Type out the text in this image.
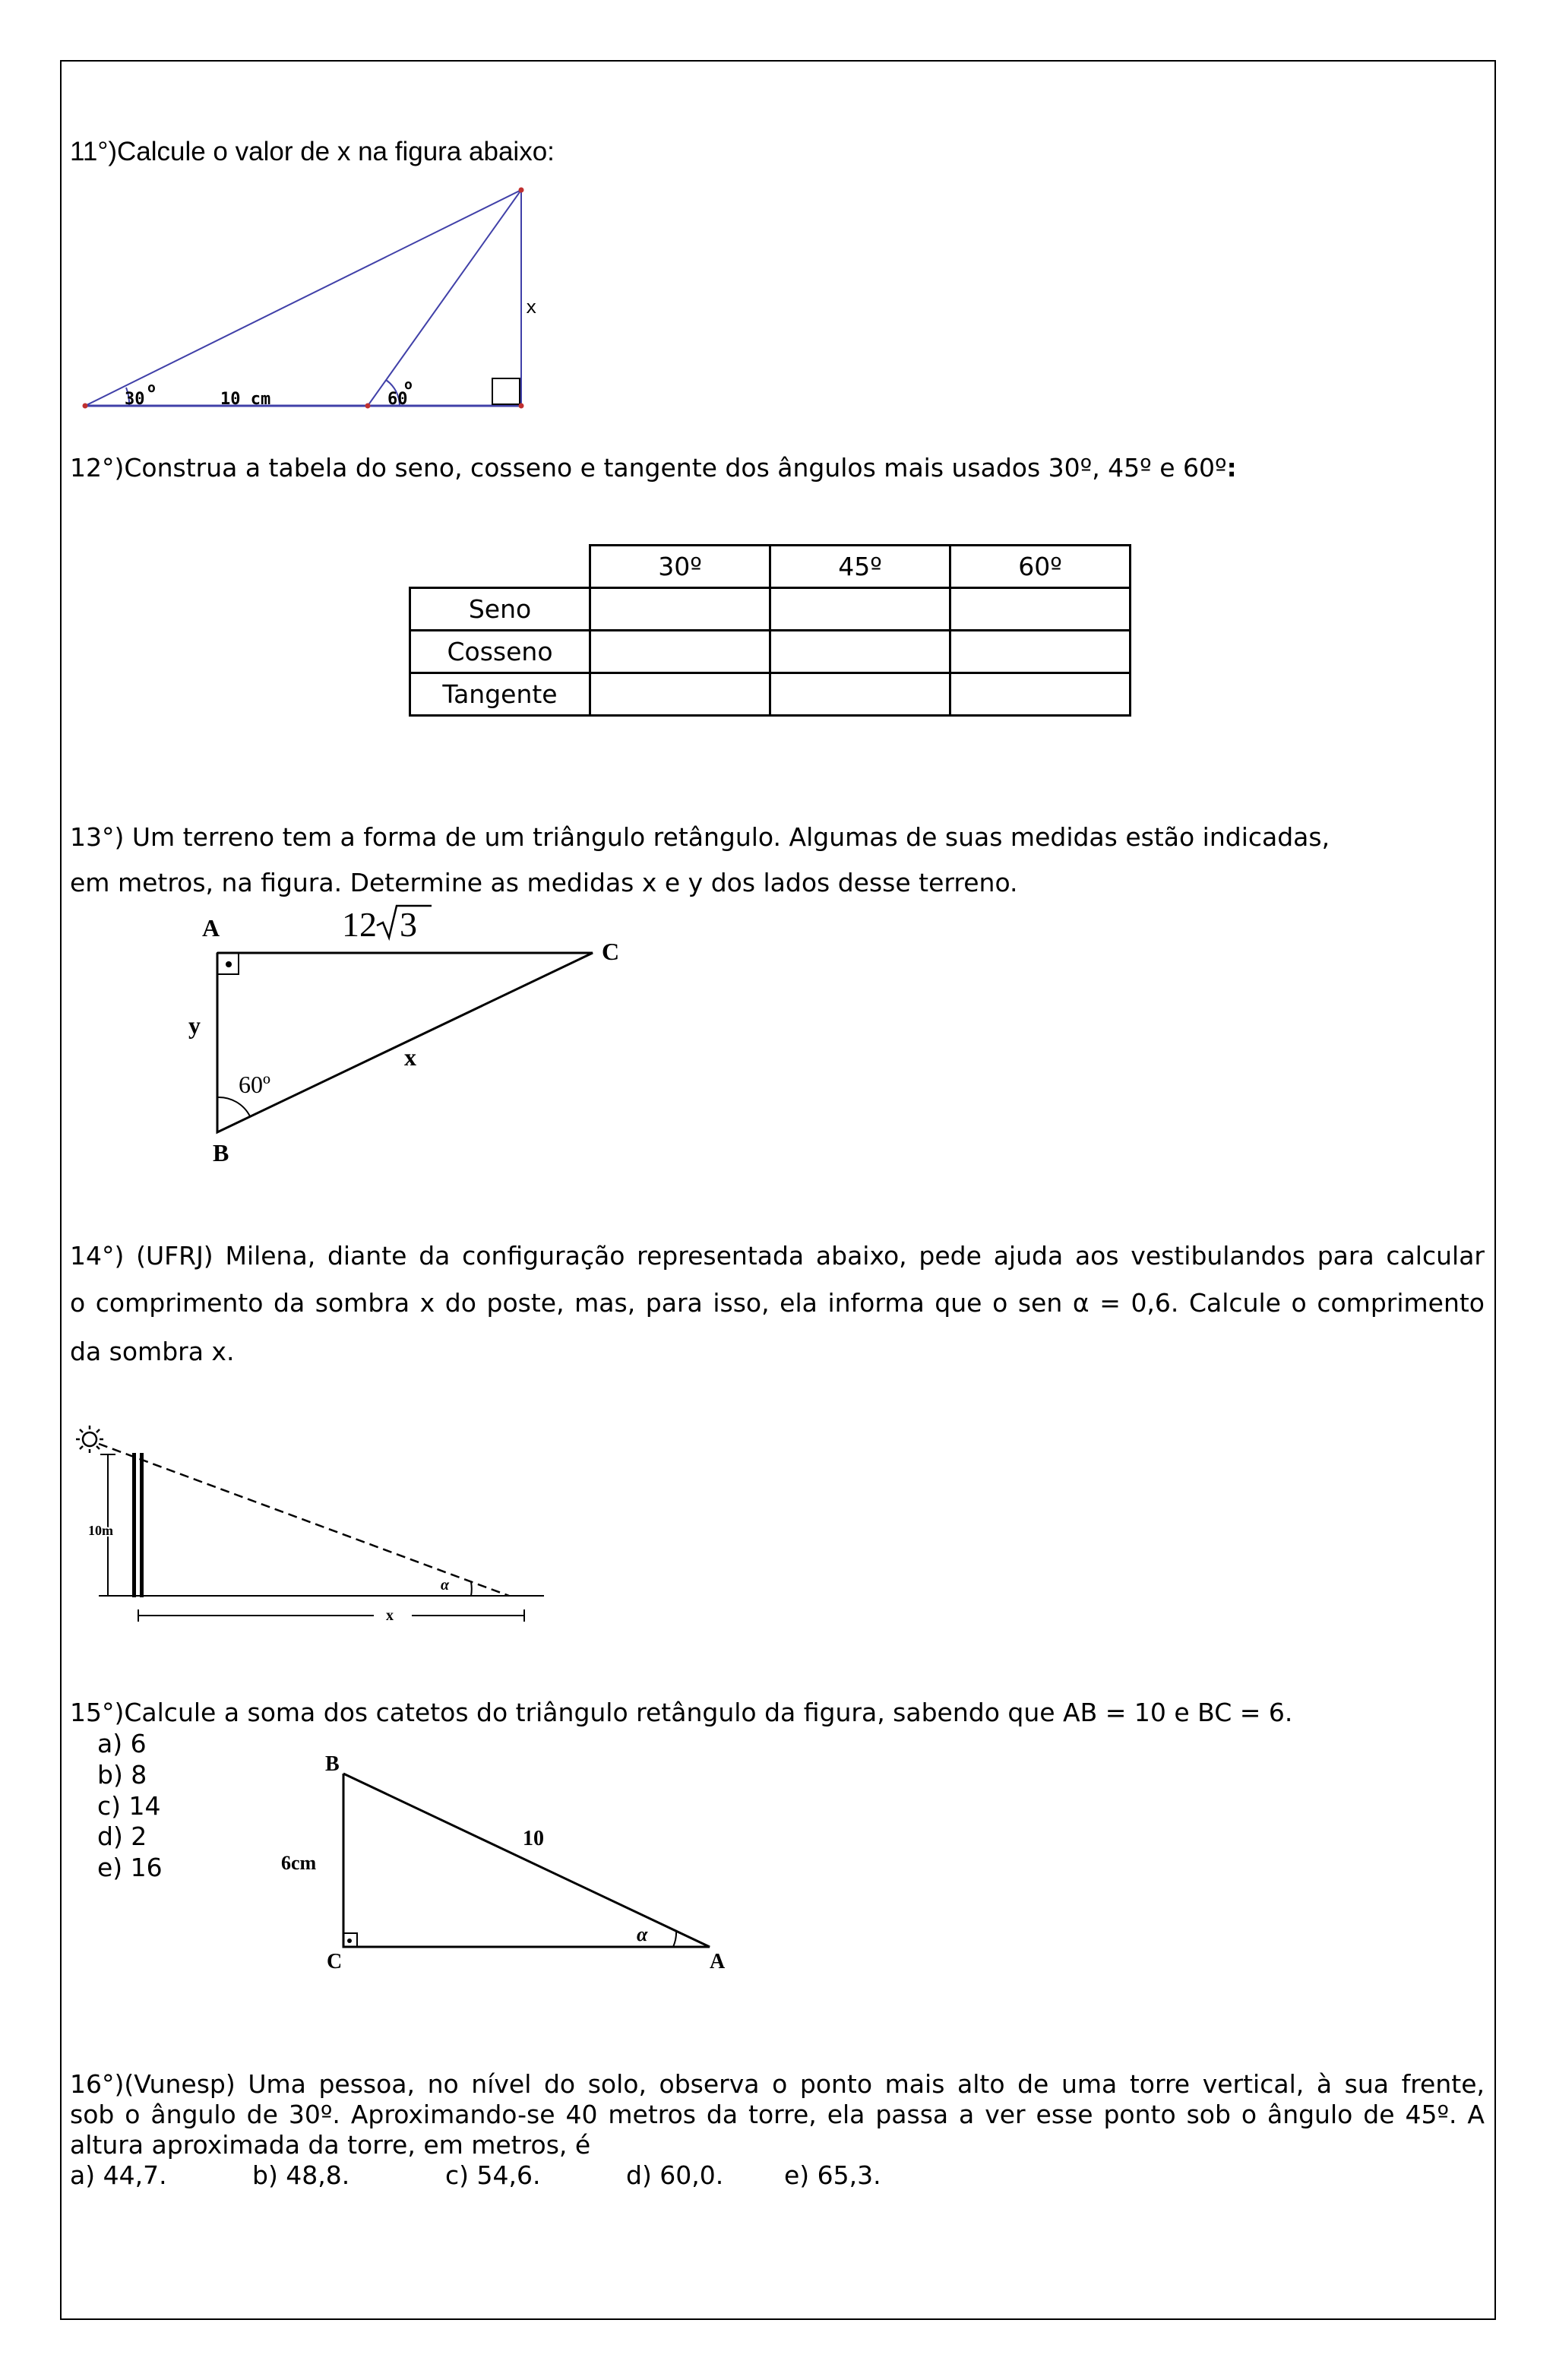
11°)Calcule o valor de x na figura abaixo:
30
o
10 cm	60
o
x
12°)Construa a tabela do seno, cosseno e tangente dos ângulos mais usados 30º, 45º e 60º:
	30º	45º	60º
Seno			
Cosseno			
Tangente			
13°) Um terreno tem a forma de um triângulo retângulo. Algumas de suas medidas estão indicadas,
em metros, na figura. Determine as medidas x e y dos lados desse terreno.
A
C
B
y
x
60º
12 3
14°) (UFRJ) Milena, diante da configuração representada abaixo, pede ajuda aos vestibulandos para calcular
o comprimento da sombra x do poste, mas, para isso, ela informa que o sen α = 0,6. Calcule o comprimento
da sombra x.
10m
α
x
15°)Calcule a soma dos catetos do triângulo retângulo da figura, sabendo que AB = 10 e BC = 6.
a) 6
b) 8
c) 14
d) 2
e) 16
B
C	A
6cm
10
α
16°)(Vunesp) Uma pessoa, no nível do solo, observa o ponto mais alto de uma torre vertical, à sua frente,
sob o ângulo de 30º. Aproximando-se 40 metros da torre, ela passa a ver esse ponto sob o ângulo de 45º. A
altura aproximada da torre, em metros, é
a) 44,7.	b) 48,8.	c) 54,6.	d) 60,0. e) 65,3.
